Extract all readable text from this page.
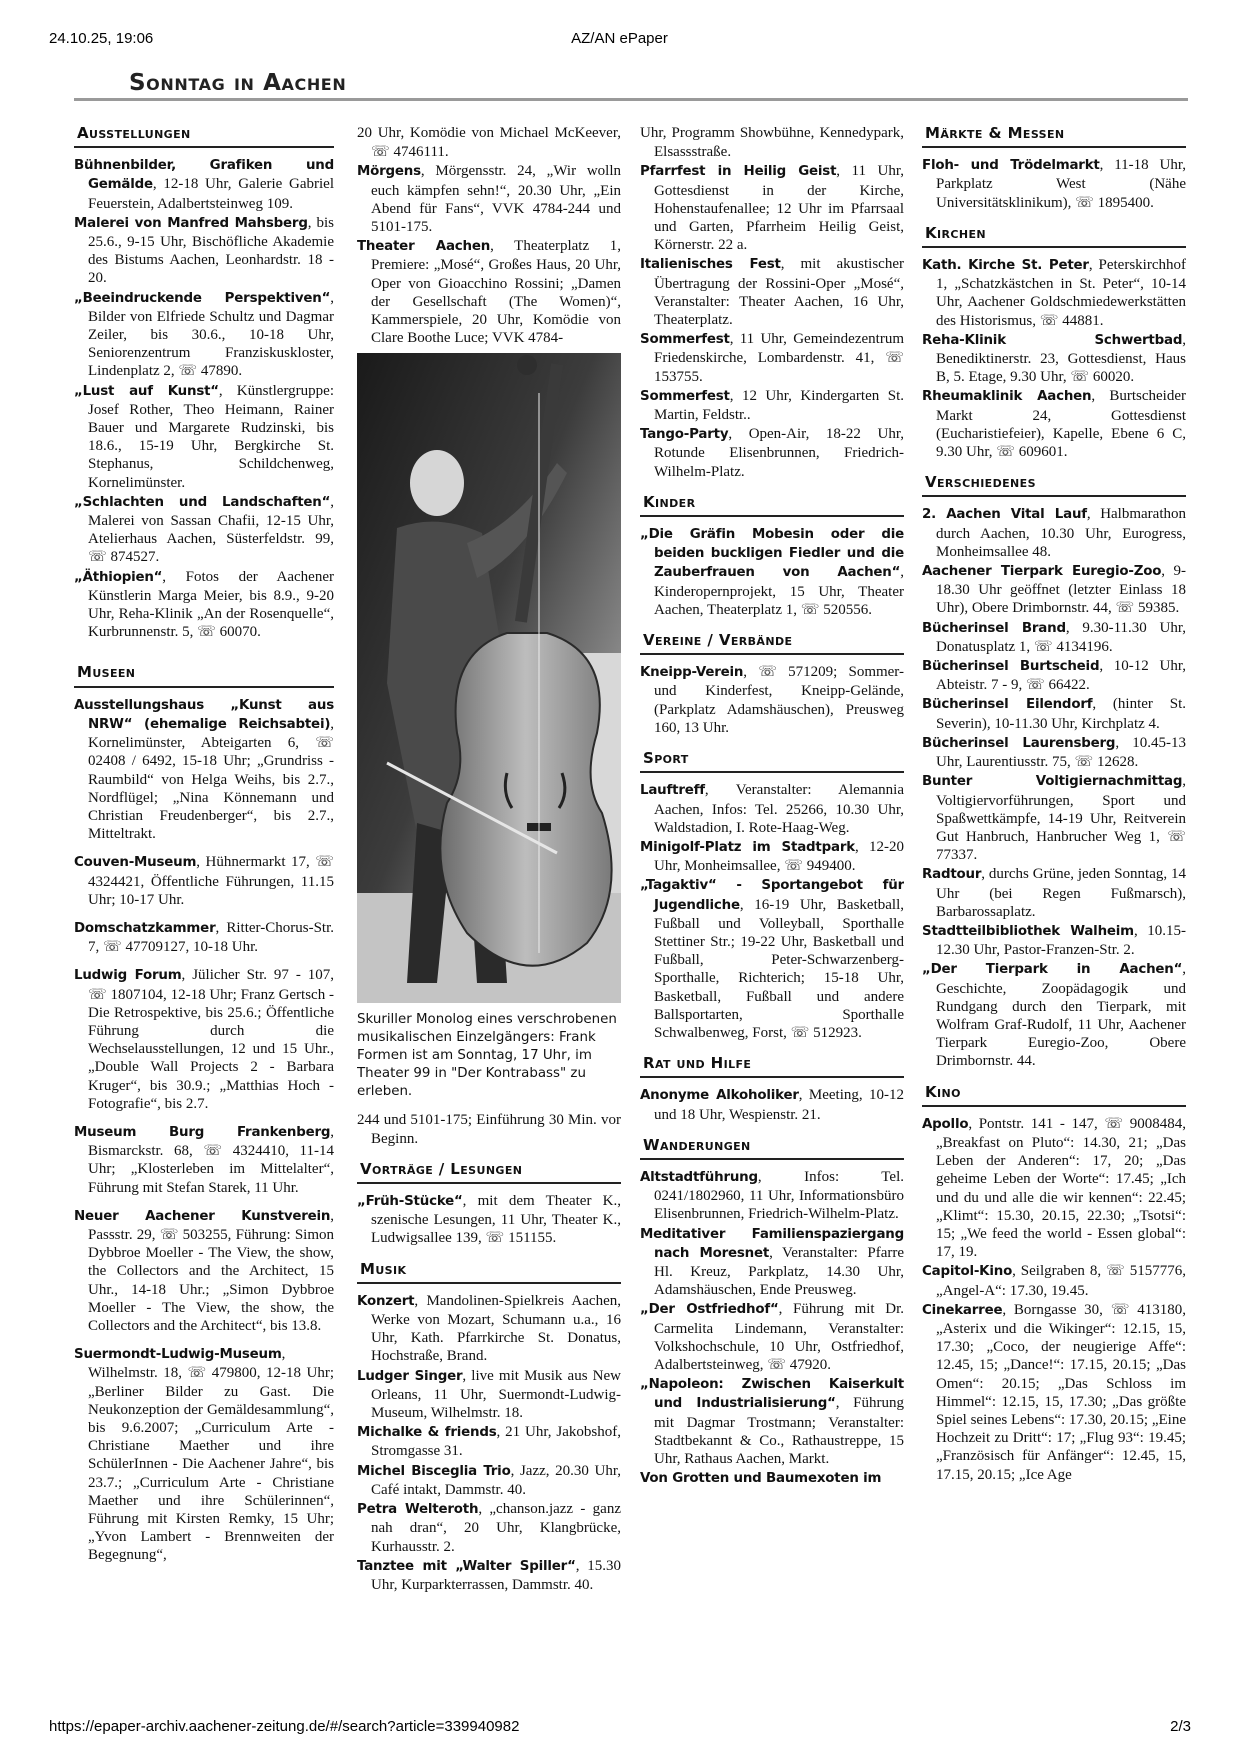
24.10.25, 19:06	AZ/AN ePaper
Sonntag in Aachen
Ausstellungen
Bühnenbilder, Grafiken und Gemälde, 12-18 Uhr, Galerie Gabriel Feuerstein, Adalbertsteinweg 109.
Malerei von Manfred Mahsberg, bis 25.6., 9-15 Uhr, Bischöfliche Akademie des Bistums Aachen, Leonhardstr. 18 - 20.
„Beeindruckende Perspektiven“, Bilder von Elfriede Schultz und Dagmar Zeiler, bis 30.6., 10-18 Uhr, Seniorenzentrum Franziskuskloster, Lindenplatz 2, ☏ 47890.
„Lust auf Kunst“, Künstlergruppe: Josef Rother, Theo Heimann, Rainer Bauer und Margarete Rudzinski, bis 18.6., 15-19 Uhr, Bergkirche St. Stephanus, Schildchenweg, Kornelimünster.
„Schlachten und Landschaften“, Malerei von Sassan Chafii, 12-15 Uhr, Atelierhaus Aachen, Süsterfeldstr. 99, ☏ 874527.
„Äthiopien“, Fotos der Aachener Künstlerin Marga Meier, bis 8.9., 9-20 Uhr, Reha-Klinik „An der Rosenquelle“, Kurbrunnenstr. 5, ☏ 60070.
Museen
Ausstellungshaus „Kunst aus NRW“ (ehemalige Reichsabtei), Kornelimünster, Abteigarten 6, ☏ 02408 / 6492, 15-18 Uhr; „Grundriss - Raumbild“ von Helga Weihs, bis 2.7., Nordflügel; „Nina Könnemann und Christian Freudenberger“, bis 2.7., Mitteltrakt.
Couven-Museum, Hühnermarkt 17, ☏ 4324421, Öffentliche Führungen, 11.15 Uhr; 10-17 Uhr.
Domschatzkammer, Ritter-Chorus-Str. 7, ☏ 47709127, 10-18 Uhr.
Ludwig Forum, Jülicher Str. 97 - 107, ☏ 1807104, 12-18 Uhr; Franz Gertsch - Die Retrospektive, bis 25.6.; Öffentliche Führung durch die Wechselausstellungen, 12 und 15 Uhr., „Double Wall Projects 2 - Barbara Kruger“, bis 30.9.; „Matthias Hoch - Fotografie“, bis 2.7.
Museum Burg Frankenberg, Bismarckstr. 68, ☏ 4324410, 11-14 Uhr; „Klosterleben im Mittelalter“, Führung mit Stefan Starek, 11 Uhr.
Neuer Aachener Kunstverein, Passstr. 29, ☏ 503255, Führung: Simon Dybbroe Moeller - The View, the show, the Collectors and the Architect, 15 Uhr., 14-18 Uhr.; „Simon Dybbroe Moeller - The View, the show, the Collectors and the Architect“, bis 13.8.
Suermondt-Ludwig-Museum, Wilhelmstr. 18, ☏ 479800, 12-18 Uhr; „Berliner Bilder zu Gast. Die Neukonzeption der Gemäldesammlung“, bis 9.6.2007; „Curriculum Arte - Christiane Maether und ihre SchülerInnen - Die Aachener Jahre“, bis 23.7.; „Curriculum Arte - Christiane Maether und ihre Schülerinnen“, Führung mit Kirsten Remky, 15 Uhr; „Yvon Lambert - Brennweiten der Begegnung“,
20 Uhr, Komödie von Michael McKeever, ☏ 4746111.
Mörgens, Mörgensstr. 24, „Wir wolln euch kämpfen sehn!“, 20.30 Uhr, „Ein Abend für Fans“, VVK 4784-244 und 5101-175.
Theater Aachen, Theaterplatz 1, Premiere: „Mosé“, Großes Haus, 20 Uhr, Oper von Gioacchino Rossini; „Damen der Gesellschaft (The Women)“, Kammerspiele, 20 Uhr, Komödie von Clare Boothe Luce; VVK 4784-
Skuriller Monolog eines verschrobenen musikalischen Einzelgängers: Frank Formen ist am Sonntag, 17 Uhr, im Theater 99 in "Der Kontrabass" zu erleben.
244 und 5101-175; Einführung 30 Min. vor Beginn.
Vorträge / Lesungen
„Früh-Stücke“, mit dem Theater K., szenische Lesungen, 11 Uhr, Theater K., Ludwigsallee 139, ☏ 151155.
Musik
Konzert, Mandolinen-Spielkreis Aachen, Werke von Mozart, Schumann u.a., 16 Uhr, Kath. Pfarrkirche St. Donatus, Hochstraße, Brand.
Ludger Singer, live mit Musik aus New Orleans, 11 Uhr, Suermondt-Ludwig-Museum, Wilhelmstr. 18.
Michalke & friends, 21 Uhr, Jakobshof, Stromgasse 31.
Michel Bisceglia Trio, Jazz, 20.30 Uhr, Café intakt, Dammstr. 40.
Petra Welteroth, „chanson.jazz - ganz nah dran“, 20 Uhr, Klangbrücke, Kurhausstr. 2.
Tanztee mit „Walter Spiller“, 15.30 Uhr, Kurparkterrassen, Dammstr. 40.
Uhr, Programm Showbühne, Kennedypark, Elsassstraße.
Pfarrfest in Heilig Geist, 11 Uhr, Gottesdienst in der Kirche, Hohenstaufenallee; 12 Uhr im Pfarrsaal und Garten, Pfarrheim Heilig Geist, Körnerstr. 22 a.
Italienisches Fest, mit akustischer Übertragung der Rossini-Oper „Mosé“, Veranstalter: Theater Aachen, 16 Uhr, Theaterplatz.
Sommerfest, 11 Uhr, Gemeindezentrum Friedenskirche, Lombardenstr. 41, ☏ 153755.
Sommerfest, 12 Uhr, Kindergarten St. Martin, Feldstr..
Tango-Party, Open-Air, 18-22 Uhr, Rotunde Elisenbrunnen, Friedrich-Wilhelm-Platz.
Kinder
„Die Gräfin Mobesin oder die beiden buckligen Fiedler und die Zauberfrauen von Aachen“, Kinderopernprojekt, 15 Uhr, Theater Aachen, Theaterplatz 1, ☏ 520556.
Vereine / Verbände
Kneipp-Verein, ☏ 571209; Sommer- und Kinderfest, Kneipp-Gelände, (Parkplatz Adamshäuschen), Preusweg 160, 13 Uhr.
Sport
Lauftreff, Veranstalter: Alemannia Aachen, Infos: Tel. 25266, 10.30 Uhr, Waldstadion, I. Rote-Haag-Weg.
Minigolf-Platz im Stadtpark, 12-20 Uhr, Monheimsallee, ☏ 949400.
„Tagaktiv“ - Sportangebot für Jugendliche, 16-19 Uhr, Basketball, Fußball und Volleyball, Sporthalle Stettiner Str.; 19-22 Uhr, Basketball und Fußball, Peter-Schwarzenberg-Sporthalle, Richterich; 15-18 Uhr, Basketball, Fußball und andere Ballsportarten, Sporthalle Schwalbenweg, Forst, ☏ 512923.
Rat und Hilfe
Anonyme Alkoholiker, Meeting, 10-12 und 18 Uhr, Wespienstr. 21.
Wanderungen
Altstadtführung, Infos: Tel. 0241/1802960, 11 Uhr, Informationsbüro Elisenbrunnen, Friedrich-Wilhelm-Platz.
Meditativer Familienspaziergang nach Moresnet, Veranstalter: Pfarre Hl. Kreuz, Parkplatz, 14.30 Uhr, Adamshäuschen, Ende Preusweg.
„Der Ostfriedhof“, Führung mit Dr. Carmelita Lindemann, Veranstalter: Volkshochschule, 10 Uhr, Ostfriedhof, Adalbertsteinweg, ☏ 47920.
„Napoleon: Zwischen Kaiserkult und Industrialisierung“, Führung mit Dagmar Trostmann; Veranstalter: Stadtbekannt & Co., Rathaustreppe, 15 Uhr, Rathaus Aachen, Markt.
Von Grotten und Baumexoten im
Märkte & Messen
Floh- und Trödelmarkt, 11-18 Uhr, Parkplatz West (Nähe Universitätsklinikum), ☏ 1895400.
Kirchen
Kath. Kirche St. Peter, Peterskirchhof 1, „Schatzkästchen in St. Peter“, 10-14 Uhr, Aachener Goldschmiedewerkstätten des Historismus, ☏ 44881.
Reha-Klinik Schwertbad, Benediktinerstr. 23, Gottesdienst, Haus B, 5. Etage, 9.30 Uhr, ☏ 60020.
Rheumaklinik Aachen, Burtscheider Markt 24, Gottesdienst (Eucharistiefeier), Kapelle, Ebene 6 C, 9.30 Uhr, ☏ 609601.
Verschiedenes
2. Aachen Vital Lauf, Halbmarathon durch Aachen, 10.30 Uhr, Eurogress, Monheimsallee 48.
Aachener Tierpark Euregio-Zoo, 9-18.30 Uhr geöffnet (letzter Einlass 18 Uhr), Obere Drimbornstr. 44, ☏ 59385.
Bücherinsel Brand, 9.30-11.30 Uhr, Donatusplatz 1, ☏ 4134196.
Bücherinsel Burtscheid, 10-12 Uhr, Abteistr. 7 - 9, ☏ 66422.
Bücherinsel Eilendorf, (hinter St. Severin), 10-11.30 Uhr, Kirchplatz 4.
Bücherinsel Laurensberg, 10.45-13 Uhr, Laurentiusstr. 75, ☏ 12628.
Bunter Voltigiernachmittag, Voltigiervorführungen, Sport und Spaßwettkämpfe, 14-19 Uhr, Reitverein Gut Hanbruch, Hanbrucher Weg 1, ☏ 77337.
Radtour, durchs Grüne, jeden Sonntag, 14 Uhr (bei Regen Fußmarsch), Barbarossaplatz.
Stadtteilbibliothek Walheim, 10.15-12.30 Uhr, Pastor-Franzen-Str. 2.
„Der Tierpark in Aachen“, Geschichte, Zoopädagogik und Rundgang durch den Tierpark, mit Wolfram Graf-Rudolf, 11 Uhr, Aachener Tierpark Euregio-Zoo, Obere Drimbornstr. 44.
Kino
Apollo, Pontstr. 141 - 147, ☏ 9008484, „Breakfast on Pluto“: 14.30, 21; „Das Leben der Anderen“: 17, 20; „Das geheime Leben der Worte“: 17.45; „Ich und du und alle die wir kennen“: 22.45; „Klimt“: 15.30, 20.15, 22.30; „Tsotsi“: 15; „We feed the world - Essen global“: 17, 19.
Capitol-Kino, Seilgraben 8, ☏ 5157776, „Angel-A“: 17.30, 19.45.
Cinekarree, Borngasse 30, ☏ 413180, „Asterix und die Wikinger“: 12.15, 15, 17.30; „Coco, der neugierige Affe“: 12.45, 15; „Dance!“: 17.15, 20.15; „Das Omen“: 20.15; „Das Schloss im Himmel“: 12.15, 15, 17.30; „Das größte Spiel seines Lebens“: 17.30, 20.15; „Eine Hochzeit zu Dritt“: 17; „Flug 93“: 19.45; „Französisch für Anfänger“: 12.45, 15, 17.15, 20.15; „Ice Age
https://epaper-archiv.aachener-zeitung.de/#/search?article=339940982	2/3
